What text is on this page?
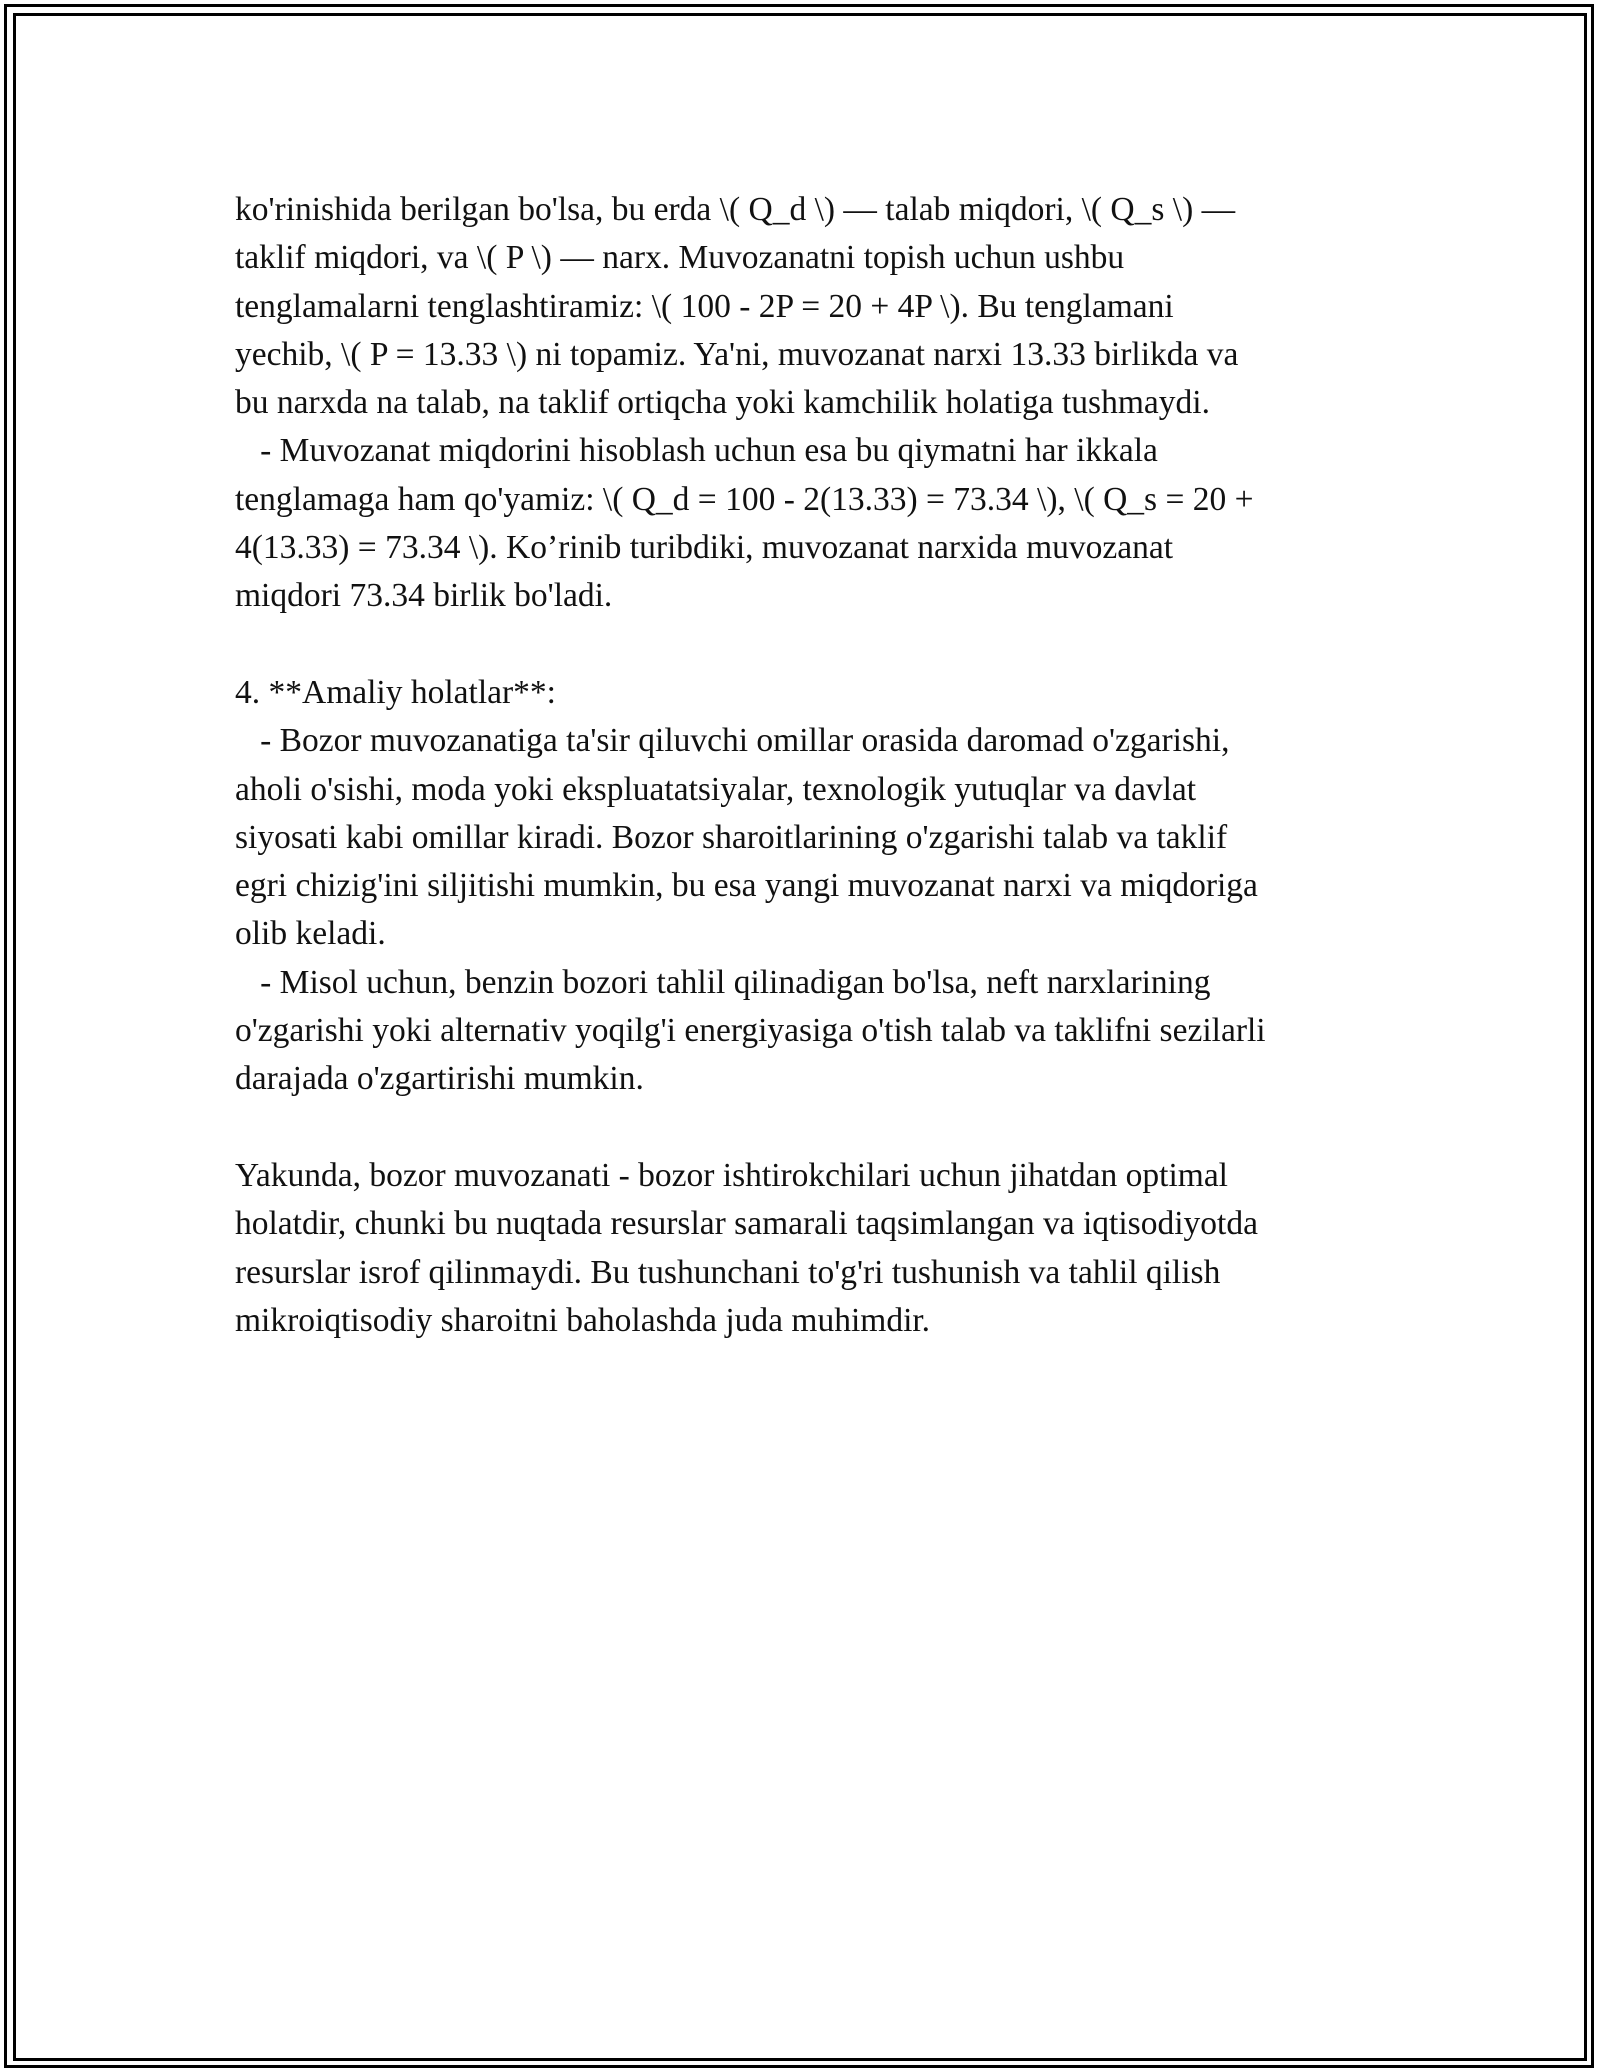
ko'rinishida berilgan bo'lsa, bu erda \( Q_d \) — talab miqdori, \( Q_s \) —
taklif miqdori, va \( P \) — narx. Muvozanatni topish uchun ushbu
tenglamalarni tenglashtiramiz: \( 100 - 2P = 20 + 4P \). Bu tenglamani
yechib, \( P = 13.33 \) ni topamiz. Ya'ni, muvozanat narxi 13.33 birlikda va
bu narxda na talab, na taklif ortiqcha yoki kamchilik holatiga tushmaydi.
- Muvozanat miqdorini hisoblash uchun esa bu qiymatni har ikkala
tenglamaga ham qo'yamiz: \( Q_d = 100 - 2(13.33) = 73.34 \), \( Q_s = 20 +
4(13.33) = 73.34 \). Ko’rinib turibdiki, muvozanat narxida muvozanat
miqdori 73.34 birlik bo'ladi.
4. **Amaliy holatlar**:
- Bozor muvozanatiga ta'sir qiluvchi omillar orasida daromad o'zgarishi,
aholi o'sishi, moda yoki ekspluatatsiyalar, texnologik yutuqlar va davlat
siyosati kabi omillar kiradi. Bozor sharoitlarining o'zgarishi talab va taklif
egri chizig'ini siljitishi mumkin, bu esa yangi muvozanat narxi va miqdoriga
olib keladi.
- Misol uchun, benzin bozori tahlil qilinadigan bo'lsa, neft narxlarining
o'zgarishi yoki alternativ yoqilg'i energiyasiga o'tish talab va taklifni sezilarli
darajada o'zgartirishi mumkin.
Yakunda, bozor muvozanati - bozor ishtirokchilari uchun jihatdan optimal
holatdir, chunki bu nuqtada resurslar samarali taqsimlangan va iqtisodiyotda
resurslar isrof qilinmaydi. Bu tushunchani to'g'ri tushunish va tahlil qilish
mikroiqtisodiy sharoitni baholashda juda muhimdir.
